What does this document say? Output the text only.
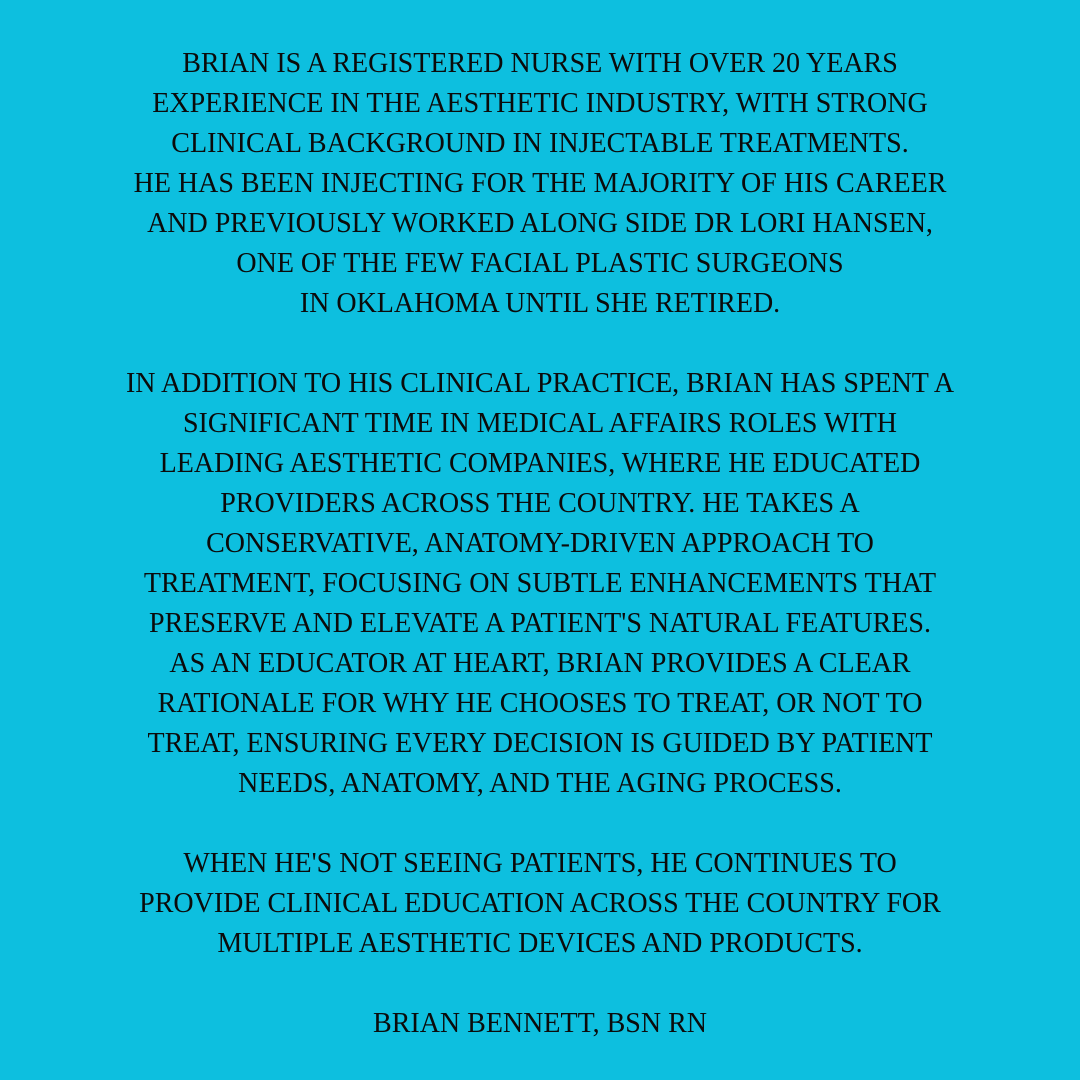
BRIAN IS A REGISTERED NURSE WITH OVER 20 YEARS
EXPERIENCE IN THE AESTHETIC INDUSTRY, WITH STRONG
CLINICAL BACKGROUND IN INJECTABLE TREATMENTS.
HE HAS BEEN INJECTING FOR THE MAJORITY OF HIS CAREER
AND PREVIOUSLY WORKED ALONG SIDE DR LORI HANSEN,
ONE OF THE FEW FACIAL PLASTIC SURGEONS
IN OKLAHOMA UNTIL SHE RETIRED.
IN ADDITION TO HIS CLINICAL PRACTICE, BRIAN HAS SPENT A
SIGNIFICANT TIME IN MEDICAL AFFAIRS ROLES WITH
LEADING AESTHETIC COMPANIES, WHERE HE EDUCATED
PROVIDERS ACROSS THE COUNTRY. HE TAKES A
CONSERVATIVE, ANATOMY-DRIVEN APPROACH TO
TREATMENT, FOCUSING ON SUBTLE ENHANCEMENTS THAT
PRESERVE AND ELEVATE A PATIENT'S NATURAL FEATURES.
AS AN EDUCATOR AT HEART, BRIAN PROVIDES A CLEAR
RATIONALE FOR WHY HE CHOOSES TO TREAT, OR NOT TO
TREAT, ENSURING EVERY DECISION IS GUIDED BY PATIENT
NEEDS, ANATOMY, AND THE AGING PROCESS.
WHEN HE'S NOT SEEING PATIENTS, HE CONTINUES TO
PROVIDE CLINICAL EDUCATION ACROSS THE COUNTRY FOR
MULTIPLE AESTHETIC DEVICES AND PRODUCTS.
BRIAN BENNETT, BSN RN
